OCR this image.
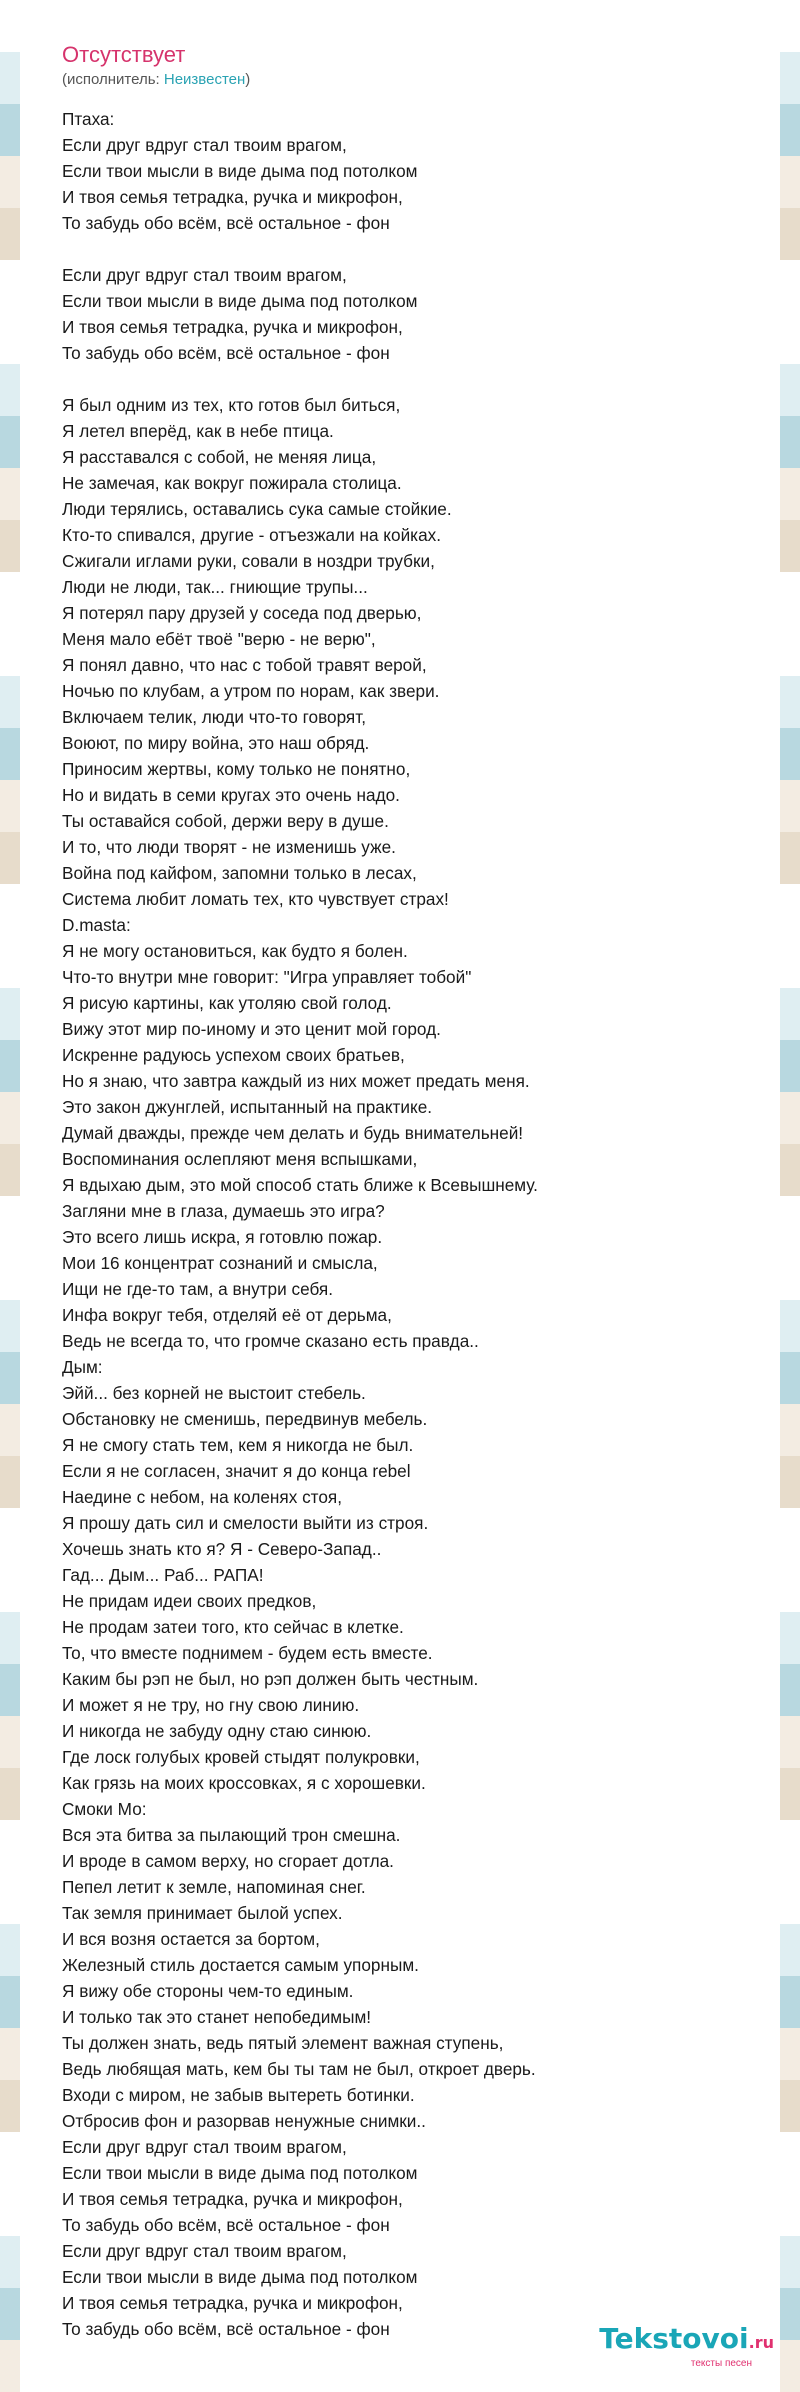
Отсутствует
(исполнитель: Неизвестен)
Птаха:
Если друг вдруг стал твоим врагом,
Если твои мысли в виде дыма под потолком
И твоя семья тетрадка, ручка и микрофон,
То забудь обо всём, всё остальное - фон
Если друг вдруг стал твоим врагом,
Если твои мысли в виде дыма под потолком
И твоя семья тетрадка, ручка и микрофон,
То забудь обо всём, всё остальное - фон
Я был одним из тех, кто готов был биться,
Я летел вперёд, как в небе птица.
Я расставался с собой, не меняя лица,
Не замечая, как вокруг пожирала столица.
Люди терялись, оставались сука самые стойкие.
Кто-то спивался, другие - отъезжали на койках.
Сжигали иглами руки, совали в ноздри трубки,
Люди не люди, так... гниющие трупы...
Я потерял пару друзей у соседа под дверью,
Меня мало ебёт твоё "верю - не верю",
Я понял давно, что нас с тобой травят верой,
Ночью по клубам, а утром по норам, как звери.
Включаем телик, люди что-то говорят,
Воюют, по миру война, это наш обряд.
Приносим жертвы, кому только не понятно,
Но и видать в семи кругах это очень надо.
Ты оставайся собой, держи веру в душе.
И то, что люди творят - не изменишь уже.
Война под кайфом, запомни только в лесах,
Система любит ломать тех, кто чувствует страх!
D.masta:
Я не могу остановиться, как будто я болен.
Что-то внутри мне говорит: "Игра управляет тобой"
Я рисую картины, как утоляю свой голод.
Вижу этот мир по-иному и это ценит мой город.
Искренне радуюсь успехом своих братьев,
Но я знаю, что завтра каждый из них может предать меня.
Это закон джунглей, испытанный на практике.
Думай дважды, прежде чем делать и будь внимательней!
Воспоминания ослепляют меня вспышками,
Я вдыхаю дым, это мой способ стать ближе к Всевышнему.
Загляни мне в глаза, думаешь это игра?
Это всего лишь искра, я готовлю пожар.
Мои 16 концентрат сознаний и смысла,
Ищи не где-то там, а внутри себя.
Инфа вокруг тебя, отделяй её от дерьма,
Ведь не всегда то, что громче сказано есть правда..
Дым:
Эйй... без корней не выстоит стебель.
Обстановку не сменишь, передвинув мебель.
Я не смогу стать тем, кем я никогда не был.
Если я не согласен, значит я до конца rebel
Наедине с небом, на коленях стоя,
Я прошу дать сил и смелости выйти из строя.
Хочешь знать кто я? Я - Северо-Запад..
Гад... Дым... Раб... РАПА!
Не придам идеи своих предков,
Не продам затеи того, кто сейчас в клетке.
То, что вместе поднимем - будем есть вместе.
Каким бы рэп не был, но рэп должен быть честным.
И может я не тру, но гну свою линию.
И никогда не забуду одну стаю синюю.
Где лоск голубых кровей стыдят полукровки,
Как грязь на моих кроссовках, я с хорошевки.
Смоки Мо:
Вся эта битва за пылающий трон смешна.
И вроде в самом верху, но сгорает дотла.
Пепел летит к земле, напоминая снег.
Так земля принимает былой успех.
И вся возня остается за бортом,
Железный стиль достается самым упорным.
Я вижу обе стороны чем-то единым.
И только так это станет непобедимым!
Ты должен знать, ведь пятый элемент важная ступень,
Ведь любящая мать, кем бы ты там не был, откроет дверь.
Входи с миром, не забыв вытереть ботинки.
Отбросив фон и разорвав ненужные снимки..
Если друг вдруг стал твоим врагом,
Если твои мысли в виде дыма под потолком
И твоя семья тетрадка, ручка и микрофон,
То забудь обо всём, всё остальное - фон
Если друг вдруг стал твоим врагом,
Если твои мысли в виде дыма под потолком
И твоя семья тетрадка, ручка и микрофон,
То забудь обо всём, всё остальное - фон	Tekstovoi.ru
тексты песен
